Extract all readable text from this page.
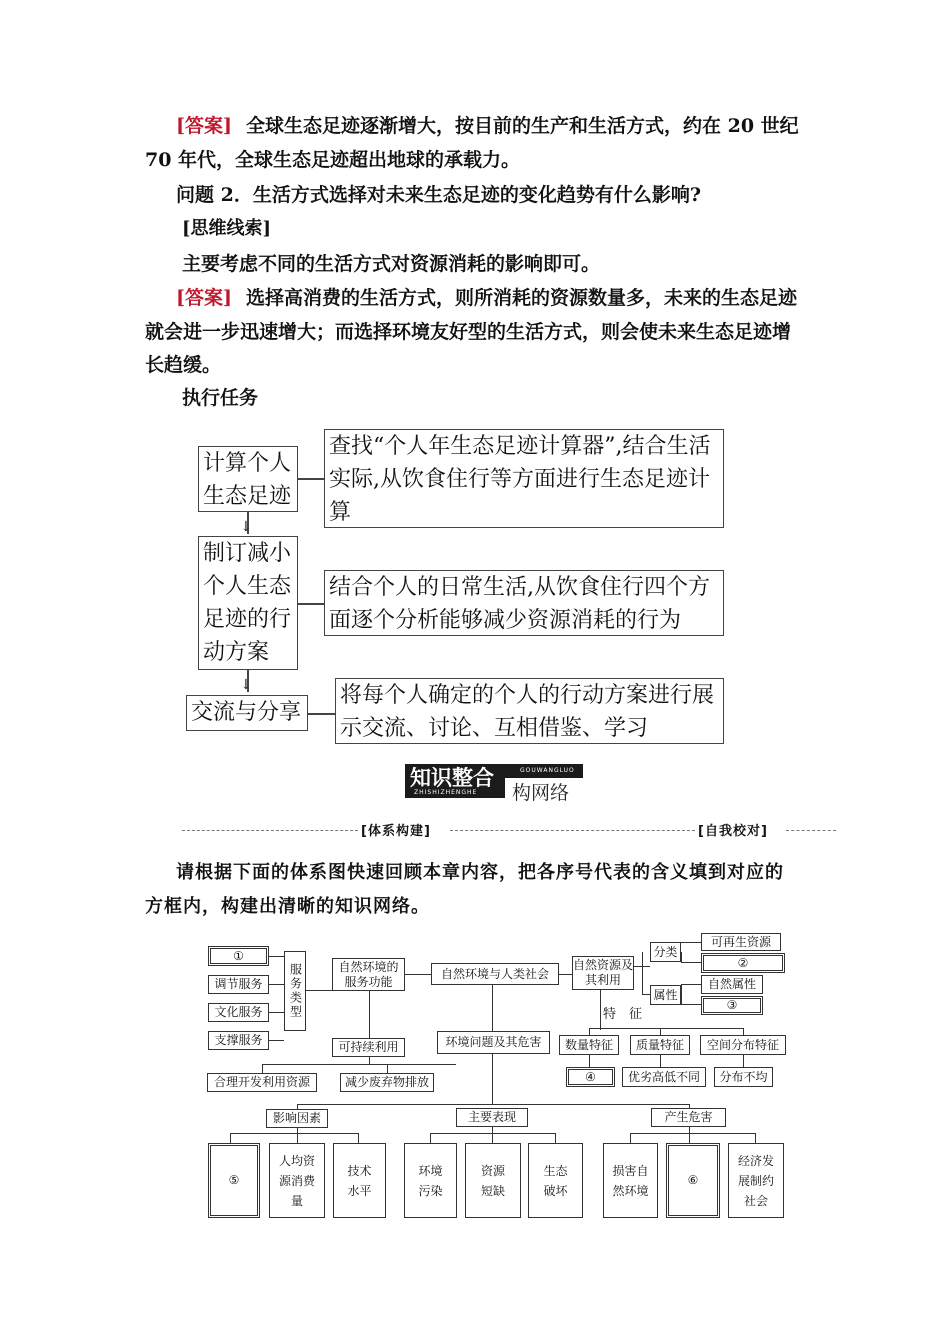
[答案] 全球生态足迹逐渐增大，按目前的生产和生活方式，约在 20 世纪

70 年代，全球生态足迹超出地球的承载力。

问题 2．生活方式选择对未来生态足迹的变化趋势有什么影响?

[思维线索]

主要考虑不同的生活方式对资源消耗的影响即可。

[答案] 选择高消费的生活方式，则所消耗的资源数量多，未来的生态足迹

就会进一步迅速增大；而选择环境友好型的生活方式，则会使未来生态足迹增

长趋缓。

执行任务

计算个人生态足迹
查找“个人年生态足迹计算器”,结合生活实际,从饮食住行等方面进行生态足迹计算
↓
制订减小个人生态足迹的行动方案
结合个人的日常生活,从饮食住行四个方面逐个分析能够减少资源消耗的行为
↓
交流与分享
将每个人确定的个人的行动方案进行展示交流、讨论、互相借鉴、学习
知识整合
ZHISHIZHENGHE
GOUWANGLUO
构网络
[体系构建]	[自我校对]

请根据下面的体系图快速回顾本章内容，把各序号代表的含义填到对应的

方框内，构建出清晰的知识网络。

①
调节服务
文化服务
支撑服务
服务类型	自然环境的服务功能
自然环境与人类社会
自然资源及其利用
分类
可再生资源
②
属性
自然属性
③
特　征
可持续利用	环境问题及其危害	数量特征	质量特征	空间分布特征
合理开发利用资源	减少废弃物排放	④	优劣高低不同	分布不均
影响因素	主要表现	产生危害
⑤
人均资源消费量
技术水平
环境污染
资源短缺
生态破坏
损害自然环境
⑥
经济发展制约社会
